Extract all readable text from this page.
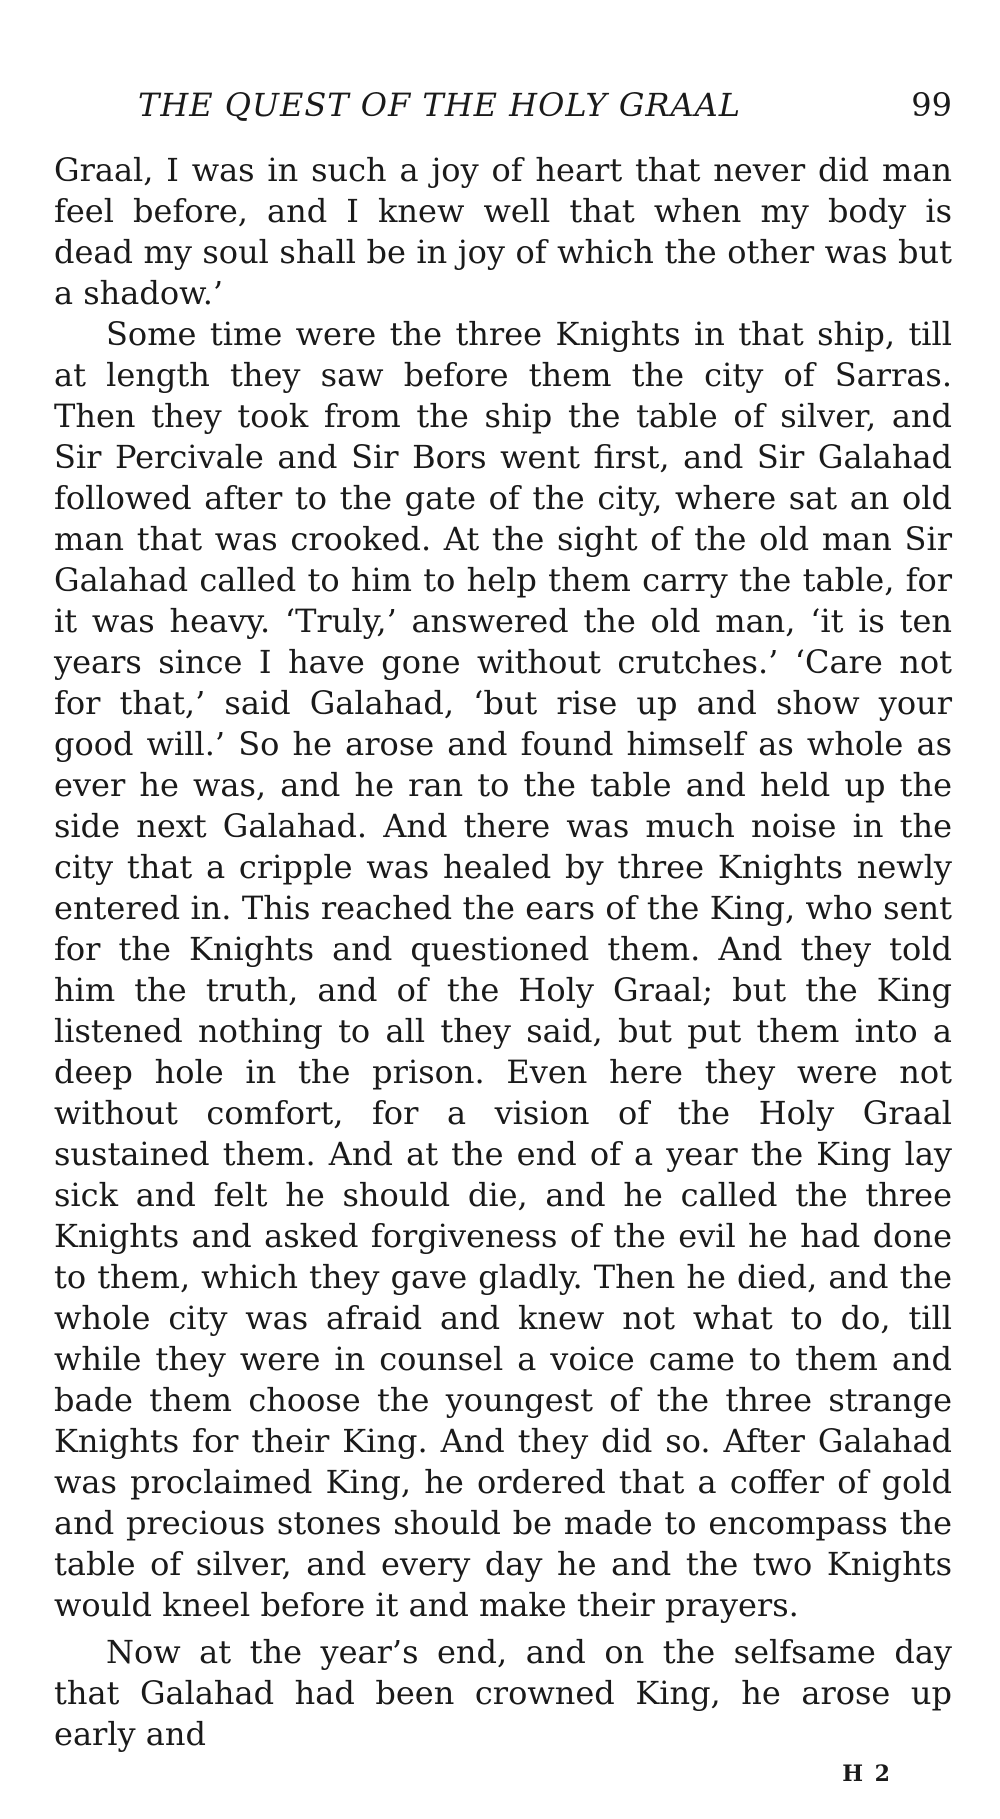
THE QUEST OF THE HOLY GRAAL	99

Graal, I was in such a joy of heart that never did man feel before, and I knew well that when my body is dead my soul shall be in joy of which the other was but a shadow.’

Some time were the three Knights in that ship, till at length they saw before them the city of Sarras. Then they took from the ship the table of silver, and Sir Percivale and Sir Bors went first, and Sir Galahad followed after to the gate of the city, where sat an old man that was crooked. At the sight of the old man Sir Galahad called to him to help them carry the table, for it was heavy. ‘Truly,’ answered the old man, ‘it is ten years since I have gone without crutches.’ ‘Care not for that,’ said Galahad, ‘but rise up and show your good will.’ So he arose and found himself as whole as ever he was, and he ran to the table and held up the side next Galahad. And there was much noise in the city that a cripple was healed by three Knights newly entered in. This reached the ears of the King, who sent for the Knights and questioned them. And they told him the truth, and of the Holy Graal; but the King listened nothing to all they said, but put them into a deep hole in the prison. Even here they were not without comfort, for a vision of the Holy Graal sustained them. And at the end of a year the King lay sick and felt he should die, and he called the three Knights and asked forgiveness of the evil he had done to them, which they gave gladly. Then he died, and the whole city was afraid and knew not what to do, till while they were in counsel a voice came to them and bade them choose the youngest of the three strange Knights for their King. And they did so. After Galahad was proclaimed King, he ordered that a coffer of gold and precious stones should be made to encompass the table of silver, and every day he and the two Knights would kneel before it and make their prayers.

Now at the year’s end, and on the selfsame day that Galahad had been crowned King, he arose up early and

H 2
